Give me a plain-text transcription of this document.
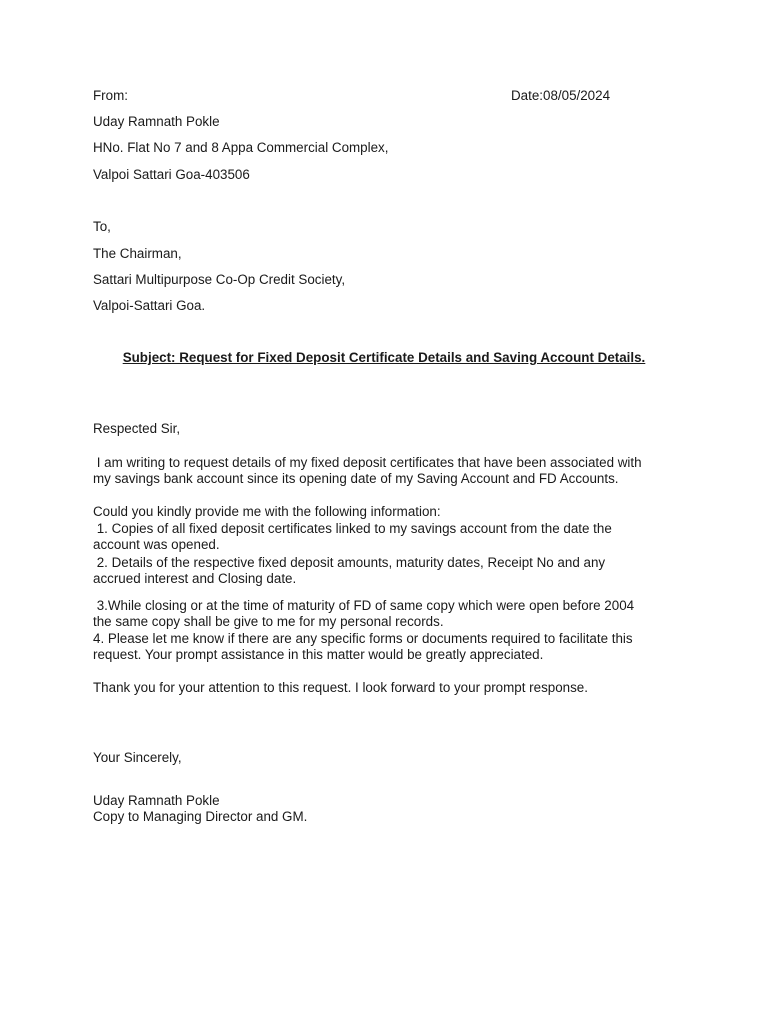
From:	Date:08/05/2024
Uday Ramnath Pokle
HNo. Flat No 7 and 8 Appa Commercial Complex,
Valpoi Sattari Goa-403506
To,
The Chairman,
Sattari Multipurpose Co-Op Credit Society,
Valpoi-Sattari Goa.
Subject: Request for Fixed Deposit Certificate Details and Saving Account Details.
Respected Sir,
I am writing to request details of my fixed deposit certificates that have been associated with
my savings bank account since its opening date of my Saving Account and FD Accounts.
Could you kindly provide me with the following information:
1. Copies of all fixed deposit certificates linked to my savings account from the date the
account was opened.
2. Details of the respective fixed deposit amounts, maturity dates, Receipt No and any
accrued interest and Closing date.
3.While closing or at the time of maturity of FD of same copy which were open before 2004
the same copy shall be give to me for my personal records.
4. Please let me know if there are any specific forms or documents required to facilitate this
request. Your prompt assistance in this matter would be greatly appreciated.
Thank you for your attention to this request. I look forward to your prompt response.
Your Sincerely,
Uday Ramnath Pokle
Copy to Managing Director and GM.
